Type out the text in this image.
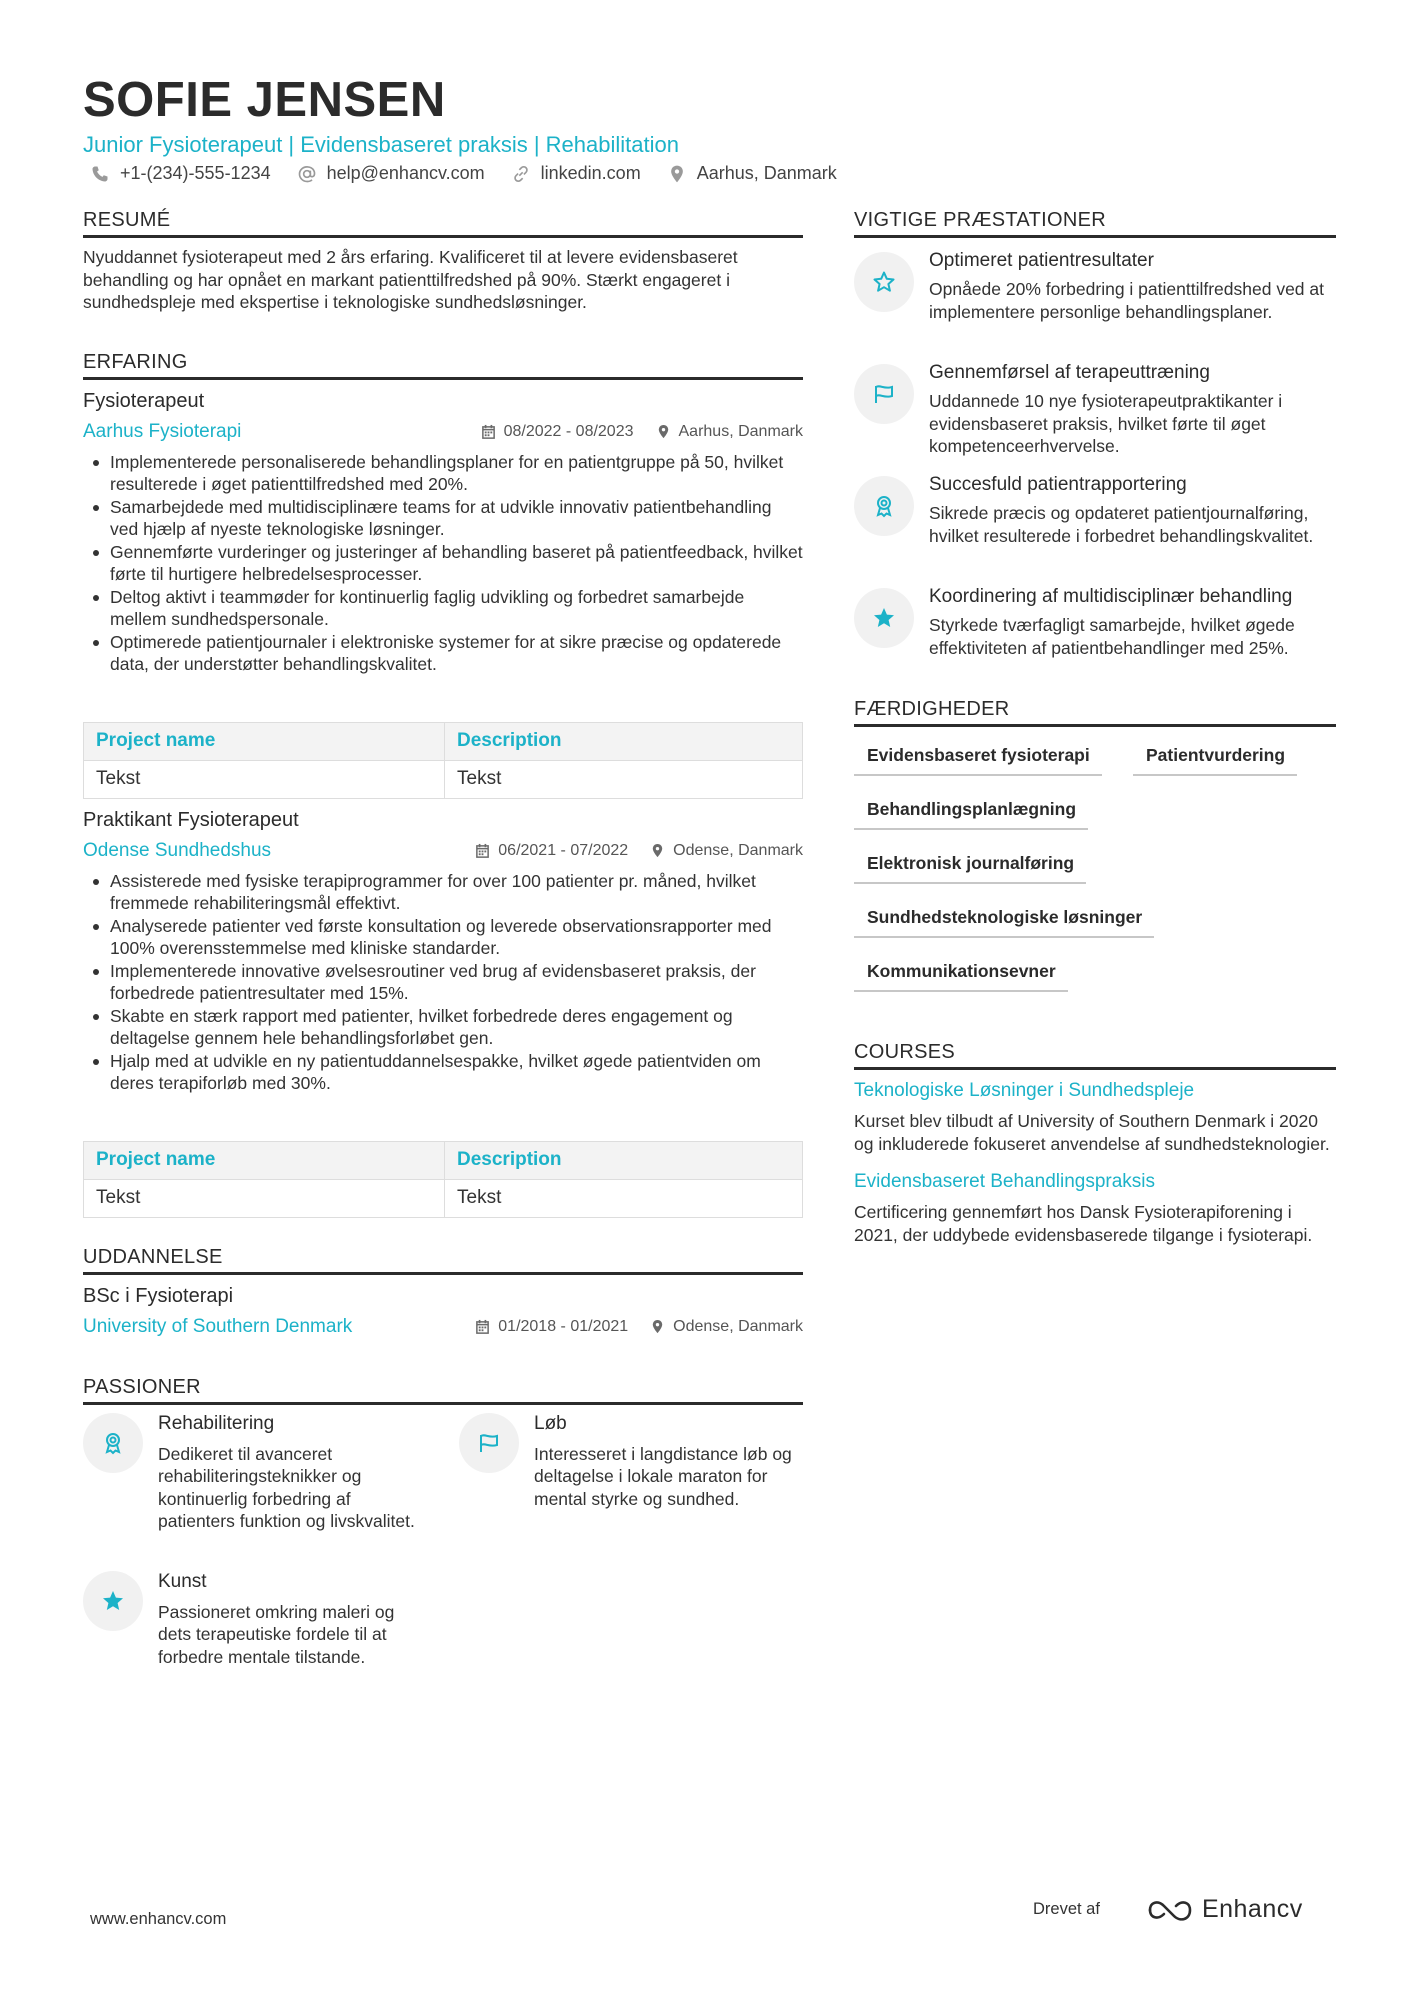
SOFIE JENSEN
Junior Fysioterapeut | Evidensbaseret praksis | Rehabilitation
+1-(234)-555-1234	help@enhancv.com	linkedin.com	Aarhus, Danmark
RESUMÉ

Nyuddannet fysioterapeut med 2 års erfaring. Kvalificeret til at levere evidensbaseret behandling og har opnået en markant patienttilfredshed på 90%. Stærkt engageret i sundhedspleje med ekspertise i teknologiske sundhedsløsninger.

ERFARING
Fysioterapeut
Aarhus Fysioterapi	08/2022 - 08/2023	Aarhus, Danmark
Implementerede personaliserede behandlingsplaner for en patientgruppe på 50, hvilket resulterede i øget patienttilfredshed med 20%.
Samarbejdede med multidisciplinære teams for at udvikle innovativ patientbehandling ved hjælp af nyeste teknologiske løsninger.
Gennemførte vurderinger og justeringer af behandling baseret på patientfeedback, hvilket førte til hurtigere helbredelsesprocesser.
Deltog aktivt i teammøder for kontinuerlig faglig udvikling og forbedret samarbejde mellem sundhedspersonale.
Optimerede patientjournaler i elektroniske systemer for at sikre præcise og opdaterede data, der understøtter behandlingskvalitet.
Project name	Description
Tekst	Tekst
Praktikant Fysioterapeut
Odense Sundhedshus	06/2021 - 07/2022	Odense, Danmark
Assisterede med fysiske terapiprogrammer for over 100 patienter pr. måned, hvilket fremmede rehabiliteringsmål effektivt.
Analyserede patienter ved første konsultation og leverede observationsrapporter med 100% overensstemmelse med kliniske standarder.
Implementerede innovative øvelsesroutiner ved brug af evidensbaseret praksis, der forbedrede patientresultater med 15%.
Skabte en stærk rapport med patienter, hvilket forbedrede deres engagement og deltagelse gennem hele behandlingsforløbet gen.
Hjalp med at udvikle en ny patientuddannelsespakke, hvilket øgede patientviden om deres terapiforløb med 30%.
Project name	Description
Tekst	Tekst
UDDANNELSE
BSc i Fysioterapi
University of Southern Denmark	01/2018 - 01/2021	Odense, Danmark
PASSIONER
Rehabilitering
Dedikeret til avanceret rehabiliteringsteknikker og kontinuerlig forbedring af patienters funktion og livskvalitet.
Løb
Interesseret i langdistance løb og deltagelse i lokale maraton for mental styrke og sundhed.
Kunst
Passioneret omkring maleri og dets terapeutiske fordele til at forbedre mentale tilstande.
VIGTIGE PRÆSTATIONER
Optimeret patientresultater
Opnåede 20% forbedring i patienttilfredshed ved at implementere personlige behandlingsplaner.
Gennemførsel af terapeuttræning
Uddannede 10 nye fysioterapeutpraktikanter i evidensbaseret praksis, hvilket førte til øget kompetenceerhvervelse.
Succesfuld patientrapportering
Sikrede præcis og opdateret patientjournalføring, hvilket resulterede i forbedret behandlingskvalitet.
Koordinering af multidisciplinær behandling
Styrkede tværfagligt samarbejde, hvilket øgede effektiviteten af patientbehandlinger med 25%.
FÆRDIGHEDER
Evidensbaseret fysioterapi	Patientvurdering
Behandlingsplanlægning
Elektronisk journalføring
Sundhedsteknologiske løsninger
Kommunikationsevner
COURSES
Teknologiske Løsninger i Sundhedspleje
Kurset blev tilbudt af University of Southern Denmark i 2020 og inkluderede fokuseret anvendelse af sundhedsteknologier.
Evidensbaseret Behandlingspraksis
Certificering gennemført hos Dansk Fysioterapiforening i 2021, der uddybede evidensbaserede tilgange i fysioterapi.
www.enhancv.com
Drevet af	Enhancv
